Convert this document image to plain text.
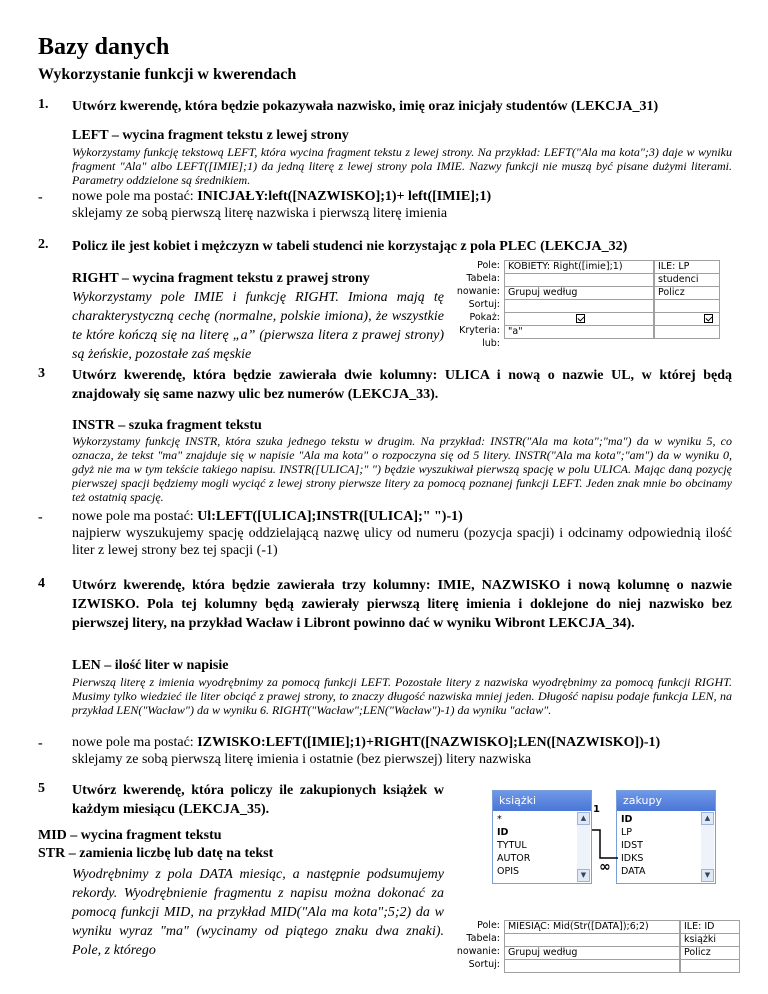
Bazy danych
Wykorzystanie funkcji w kwerendach
1. Utwórz kwerendę, która będzie pokazywała nazwisko, imię oraz inicjały studentów (LEKCJA_31)
LEFT – wycina fragment tekstu z lewej strony
Wykorzystamy funkcję tekstową LEFT, która wycina fragment tekstu z lewej strony. Na przykład: LEFT("Ala ma kota";3) daje w wyniku fragment "Ala" albo LEFT([IMIE];1) da jedną literę z lewej strony pola IMIE. Nazwy funkcji nie muszą być pisane dużymi literami. Parametry oddzielone są średnikiem.
- nowe pole ma postać: INICJAŁY:left([NAZWISKO];1)+ left([IMIE];1)
sklejamy ze sobą pierwszą literę nazwiska i pierwszą literę imienia
2. Policz ile jest kobiet i mężczyzn w tabeli studenci nie korzystając z pola PLEC (LEKCJA_32)
RIGHT – wycina fragment tekstu z prawej strony
Wykorzystamy pole IMIE i funkcję RIGHT. Imiona mają tę charakterystyczną cechę (normalne, polskie imiona), że wszystkie te które kończą się na literę „a” (pierwsza litera z prawej strony) są żeńskie, pozostałe zaś męskie
Pole: KOBIETY: Right([imie];1)	ILE: LP
Tabela:	studenci
nowanie: Grupuj według	Policz
Sortuj:
Pokaż:
Kryteria: "a"
lub:
3 Utwórz kwerendę, która będzie zawierała dwie kolumny: ULICA i nową o nazwie UL, w której będą znajdowały się same nazwy ulic bez numerów (LEKCJA_33).
INSTR – szuka fragment tekstu
Wykorzystamy funkcję INSTR, która szuka jednego tekstu w drugim. Na przykład: INSTR("Ala ma kota";"ma") da w wyniku 5, co oznacza, że tekst "ma" znajduje się w napisie "Ala ma kota" o rozpoczyna się od 5 litery. INSTR("Ala ma kota";"am") da w wyniku 0, gdyż nie ma w tym tekście takiego napisu. INSTR([ULICA];" ") będzie wyszukiwał pierwszą spację w polu ULICA. Mając daną pozycję pierwszej spacji będziemy mogli wyciąć z lewej strony pierwsze litery za pomocą poznanej funkcji LEFT. Jeden znak mnie bo obcinamy też ostatnią spację.
- nowe pole ma postać: Ul:LEFT([ULICA];INSTR([ULICA];" ")-1)
najpierw wyszukujemy spację oddzielającą nazwę ulicy od numeru (pozycja spacji) i odcinamy odpowiednią ilość liter z lewej strony bez tej spacji (-1)
4 Utwórz kwerendę, która będzie zawierała trzy kolumny: IMIE, NAZWISKO i nową kolumnę o nazwie IZWISKO. Pola tej kolumny będą zawierały pierwszą literę imienia i doklejone do niej nazwisko bez pierwszej litery, na przykład Wacław i Libront powinno dać w wyniku Wibront LEKCJA_34).
LEN – ilość liter w napisie
Pierwszą literę z imienia wyodrębnimy za pomocą funkcji LEFT. Pozostałe litery z nazwiska wyodrębnimy za pomocą funkcji RIGHT. Musimy tylko wiedzieć ile liter obciąć z prawej strony, to znaczy długość nazwiska mniej jeden. Długość napisu podaje funkcja LEN, na przykład LEN("Wacław") da w wyniku 6. RIGHT("Wacław";LEN("Wacław")-1) da wyniku "acław".
- nowe pole ma postać: IZWISKO:LEFT([IMIE];1)+RIGHT([NAZWISKO];LEN([NAZWISKO])-1)
sklejamy ze sobą pierwszą literę imienia i ostatnie (bez pierwszej) litery nazwiska
5 Utwórz kwerendę, która policzy ile zakupionych książek w każdym miesiącu (LEKCJA_35).
MID – wycina fragment tekstu
STR – zamienia liczbę lub datę na tekst
Wyodrębnimy z pola DATA miesiąc, a następnie podsumujemy rekordy. Wyodrębnienie fragmentu z napisu można dokonać za pomocą funkcji MID, na przykład MID("Ala ma kota";5;2) da w wyniku wyraz "ma" (wycinamy od piątego znaku dwa znaki). Pole, z którego
książki
*
ID
TYTUL
AUTOR
OPIS
▲
▼
zakupy
ID
LP
IDST
IDKS
DATA
▲
▼
1
∞
Pole: MIESIĄC: Mid(Str([DATA]);6;2)	ILE: ID
Tabela:	książki
nowanie: Grupuj według	Policz
Sortuj:
